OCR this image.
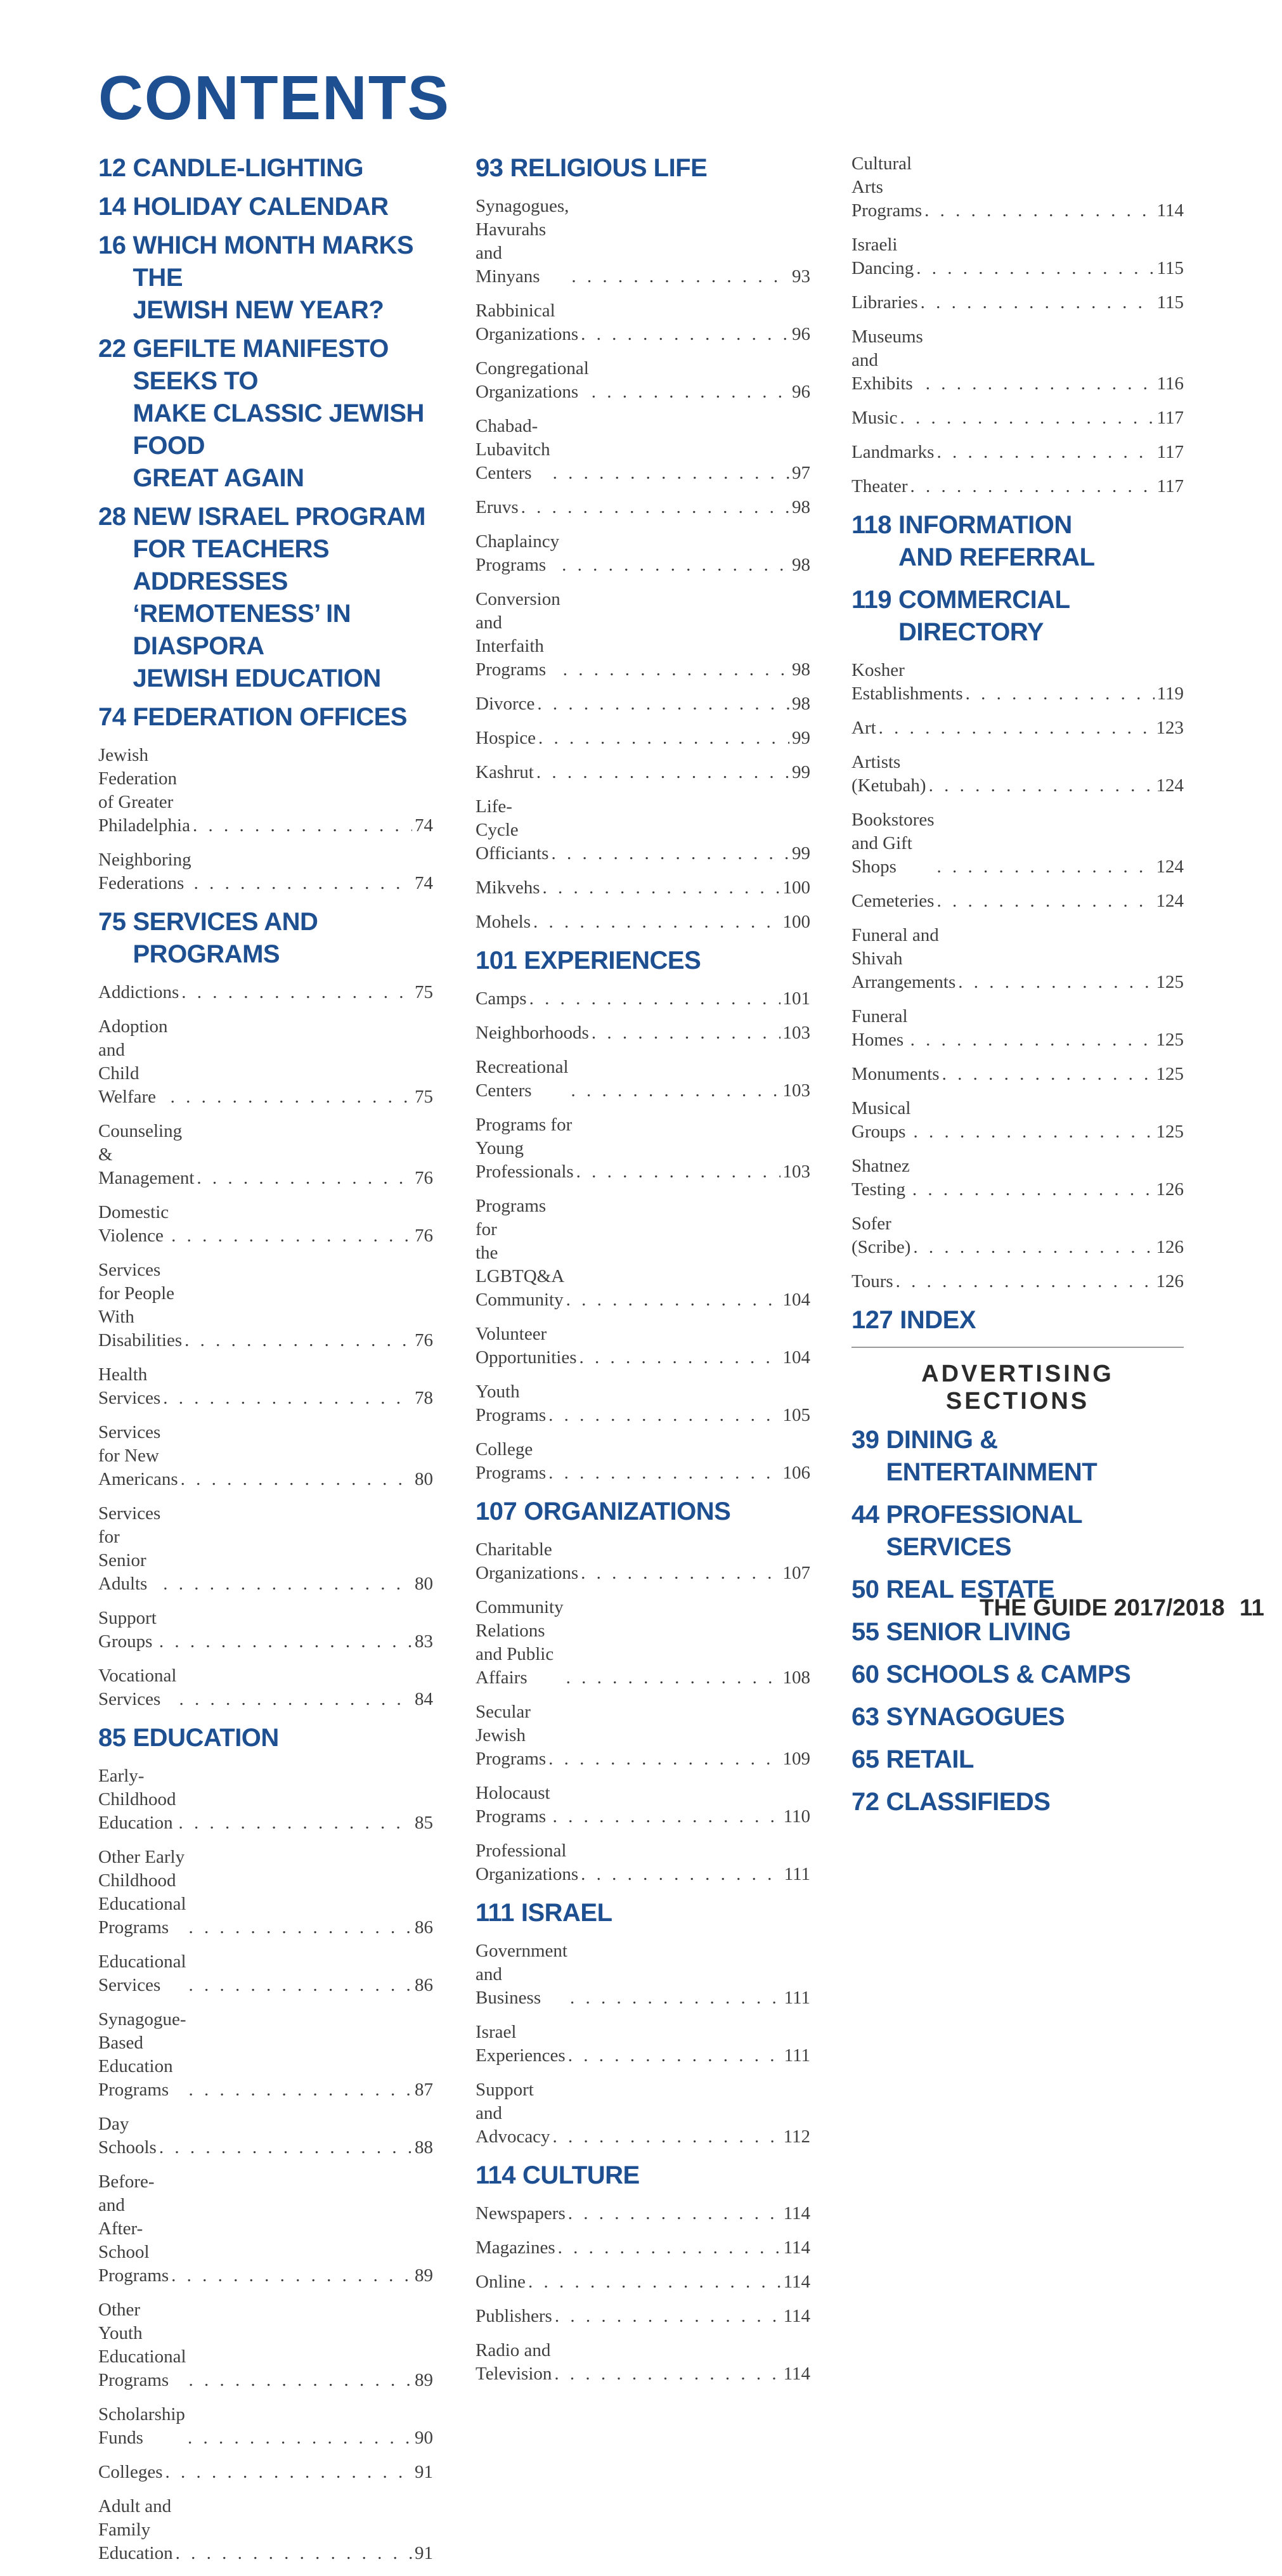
CONTENTS
12 CANDLE-LIGHTING
14 HOLIDAY CALENDAR
16 WHICH MONTH MARKS THE
JEWISH NEW YEAR?
22 GEFILTE MANIFESTO SEEKS TO
MAKE CLASSIC JEWISH FOOD
GREAT AGAIN
28 NEW ISRAEL PROGRAM
FOR TEACHERS ADDRESSES
‘REMOTENESS’ IN DIASPORA
JEWISH EDUCATION
74 FEDERATION OFFICES
Jewish Federation
of Greater Philadelphia . . .	74
Neighboring Federations . . .	74
75 SERVICES AND PROGRAMS
Addictions . . .	75
Adoption and Child Welfare . . .	75
Counseling & Management . . .	76
Domestic Violence . . .	76
Services for People
With Disabilities . . .	76
Health Services . . .	78
Services for New Americans . . .	80
Services for Senior Adults . . .	80
Support Groups . . .	83
Vocational Services . . .	84
85 EDUCATION
Early-Childhood Education . . .	85
Other Early Childhood Educational
Programs . . .	86
Educational Services . . .	86
Synagogue-Based
Education Programs . . .	87
Day Schools . . .	88
Before- and After-School
Programs . . .	89
Other Youth Educational Programs . . .	89
Scholarship Funds . . .	90
Colleges . . .	91
Adult and Family Education . . .	91
93 RELIGIOUS LIFE
Synagogues, Havurahs and Minyans . . .	93
Rabbinical Organizations . . .	96
Congregational Organizations . . .	96
Chabad-Lubavitch Centers . . .	97
Eruvs . . .	98
Chaplaincy Programs . . .	98
Conversion and Interfaith Programs . . .	98
Divorce . . .	98
Hospice . . .	99
Kashrut . . .	99
Life-Cycle Officiants . . .	99
Mikvehs . . .	100
Mohels . . .	100
101 EXPERIENCES
Camps . . .	101
Neighborhoods . . .	103
Recreational Centers . . .	103
Programs for Young Professionals . . .	103
Programs for
the LGBTQ&A Community . . .	104
Volunteer Opportunities . . .	104
Youth Programs . . .	105
College Programs . . .	106
107 ORGANIZATIONS
Charitable Organizations . . .	107
Community Relations
and Public Affairs . . .	108
Secular Jewish Programs . . .	109
Holocaust Programs . . .	110
Professional Organizations . . .	111
111 ISRAEL
Government and Business . . .	111
Israel Experiences . . .	111
Support and Advocacy . . .	112
114 CULTURE
Newspapers . . .	114
Magazines . . .	114
Online . . .	114
Publishers . . .	114
Radio and Television . . .	114
Cultural Arts Programs . . .	114
Israeli Dancing . . .	115
Libraries . . .	115
Museums and Exhibits . . .	116
Music . . .	117
Landmarks . . .	117
Theater . . .	117
118 INFORMATION
AND REFERRAL
119 COMMERCIAL
DIRECTORY
Kosher Establishments . . .	119
Art . . .	123
Artists (Ketubah) . . .	124
Bookstores and Gift Shops . . .	124
Cemeteries . . .	124
Funeral and Shivah
Arrangements . . .	125
Funeral Homes . . .	125
Monuments . . .	125
Musical Groups . . .	125
Shatnez Testing . . .	126
Sofer (Scribe) . . .	126
Tours . . .	126
127 INDEX
ADVERTISING SECTIONS
39 DINING & ENTERTAINMENT
44 PROFESSIONAL
SERVICES
50 REAL ESTATE
55 SENIOR LIVING
60 SCHOOLS & CAMPS
63 SYNAGOGUES
65 RETAIL
72 CLASSIFIEDS
THE GUIDE 2017/2018 11
